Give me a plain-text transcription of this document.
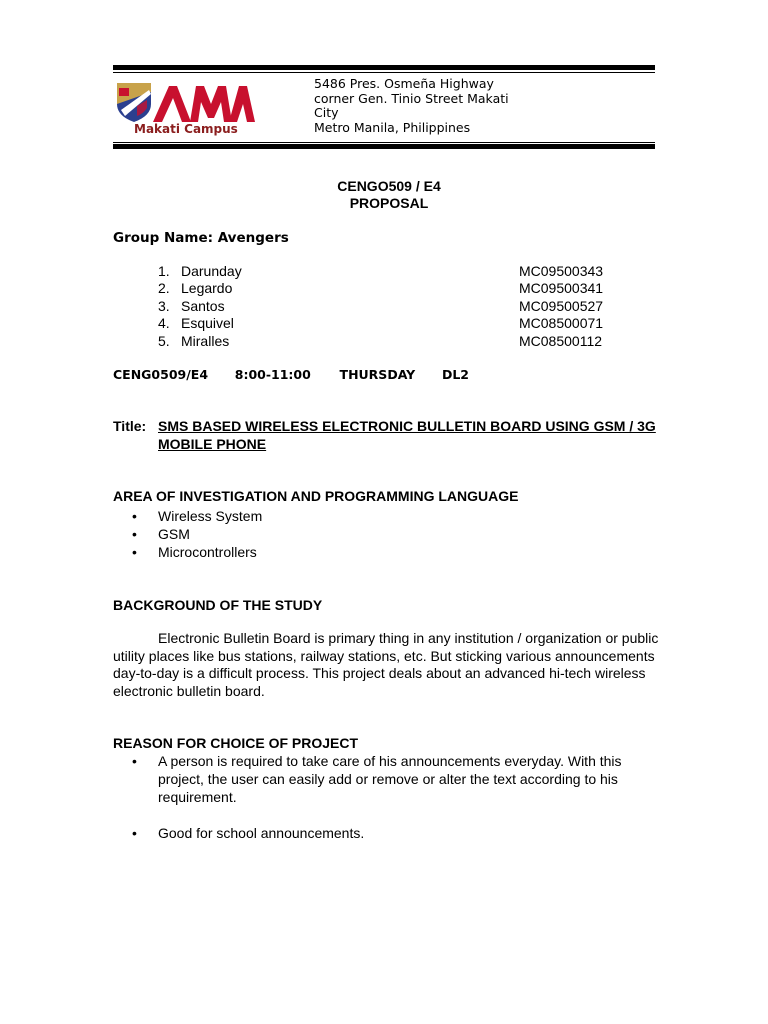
Makati Campus
5486 Pres. Osmeña Highway
corner Gen. Tinio Street Makati
City
Metro Manila, Philippines
CENGO509 / E4
PROPOSAL
Group Name: Avengers
1. Darunday	MC09500343
2. Legardo	MC09500341
3. Santos	MC09500527
4. Esquivel	MC08500071
5. Miralles	MC08500112
CENG0509/E4 8:00-11:00 THURSDAY DL2
Title: SMS BASED WIRELESS ELECTRONIC BULLETIN BOARD USING GSM / 3G MOBILE PHONE
AREA OF INVESTIGATION AND PROGRAMMING LANGUAGE
• Wireless System
• GSM
• Microcontrollers
BACKGROUND OF THE STUDY
Electronic Bulletin Board is primary thing in any institution / organization or public utility places like bus stations, railway stations, etc. But sticking various announcements day-to-day is a difficult process. This project deals about an advanced hi-tech wireless electronic bulletin board.
REASON FOR CHOICE OF PROJECT
• A person is required to take care of his announcements everyday. With this project, the user can easily add or remove or alter the text according to his requirement.
• Good for school announcements.
